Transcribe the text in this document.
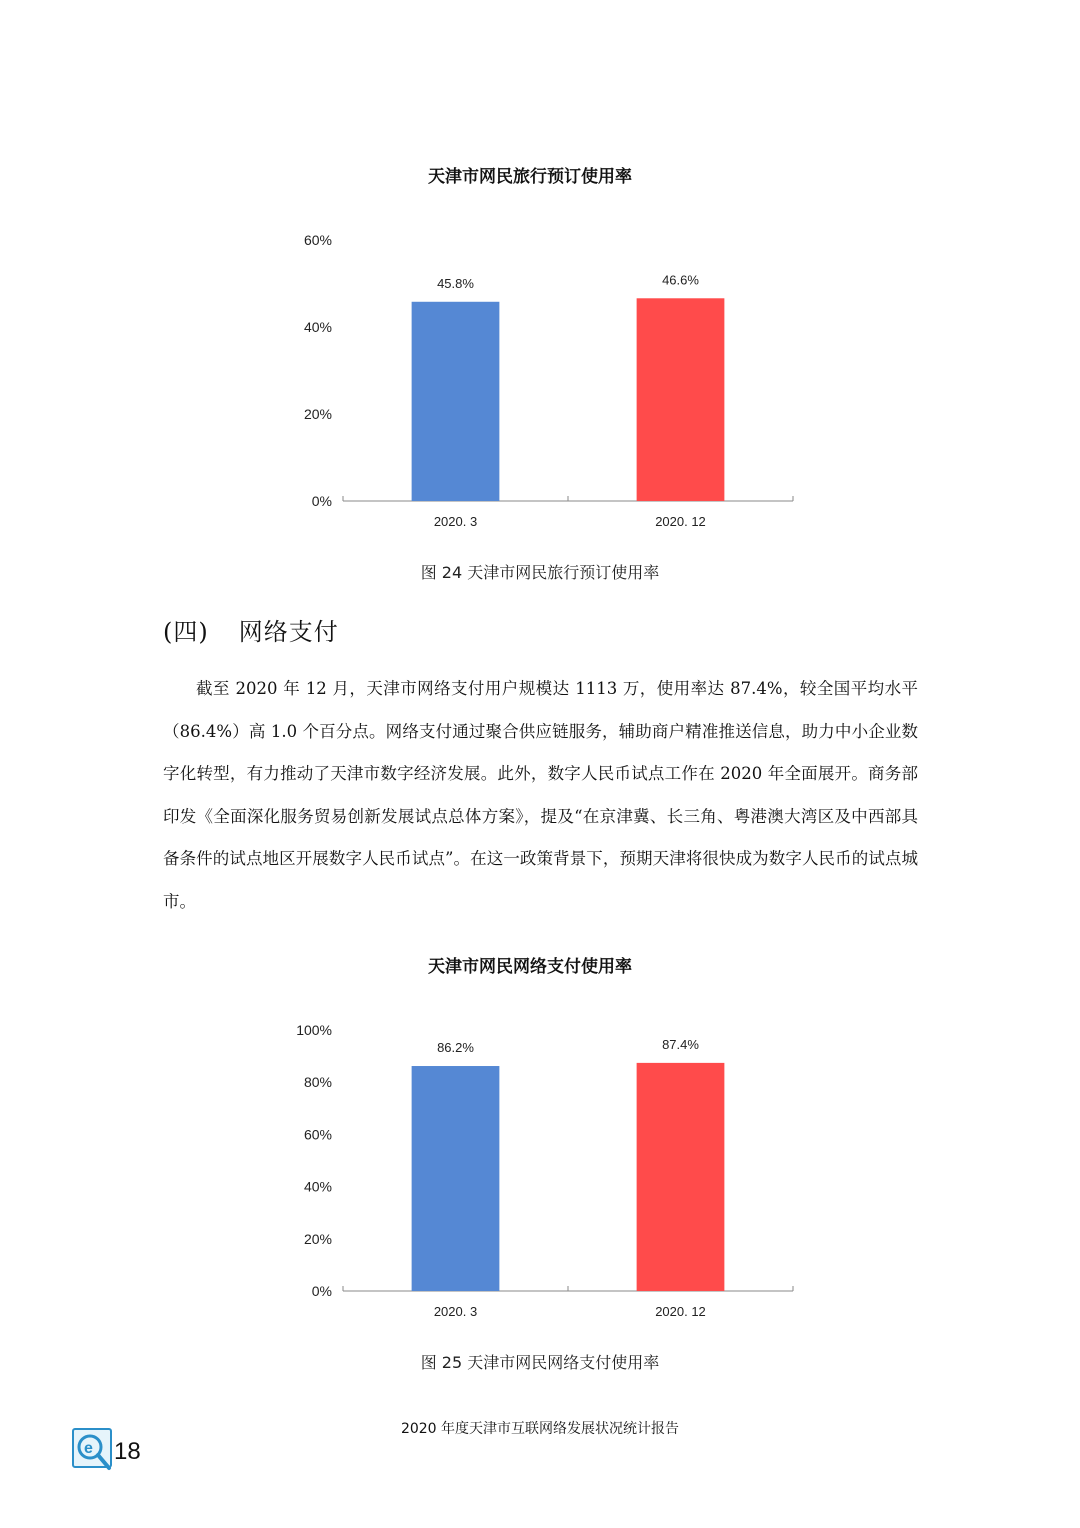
天津市网民旅行预订使用率
0%
20%
40%
60%
45.8%
2020. 3
46.6%
2020. 12
图 24 天津市网民旅行预订使用率
(四) 网络支付

截至 2020 年 12 月，天津市网络支付用户规模达 1113 万，使用率达 87.4%，较全国平均水平（86.4%）高 1.0 个百分点。网络支付通过聚合供应链服务，辅助商户精准推送信息，助力中小企业数字化转型，有力推动了天津市数字经济发展。此外，数字人民币试点工作在 2020 年全面展开。商务部印发《全面深化服务贸易创新发展试点总体方案》，提及“在京津冀、长三角、粤港澳大湾区及中西部具备条件的试点地区开展数字人民币试点”。在这一政策背景下，预期天津将很快成为数字人民币的试点城市。

天津市网民网络支付使用率
0%
20%
40%
60%
80%
100%
86.2%
2020. 3
87.4%
2020. 12
图 25 天津市网民网络支付使用率
2020 年度天津市互联网络发展状况统计报告
e 18
